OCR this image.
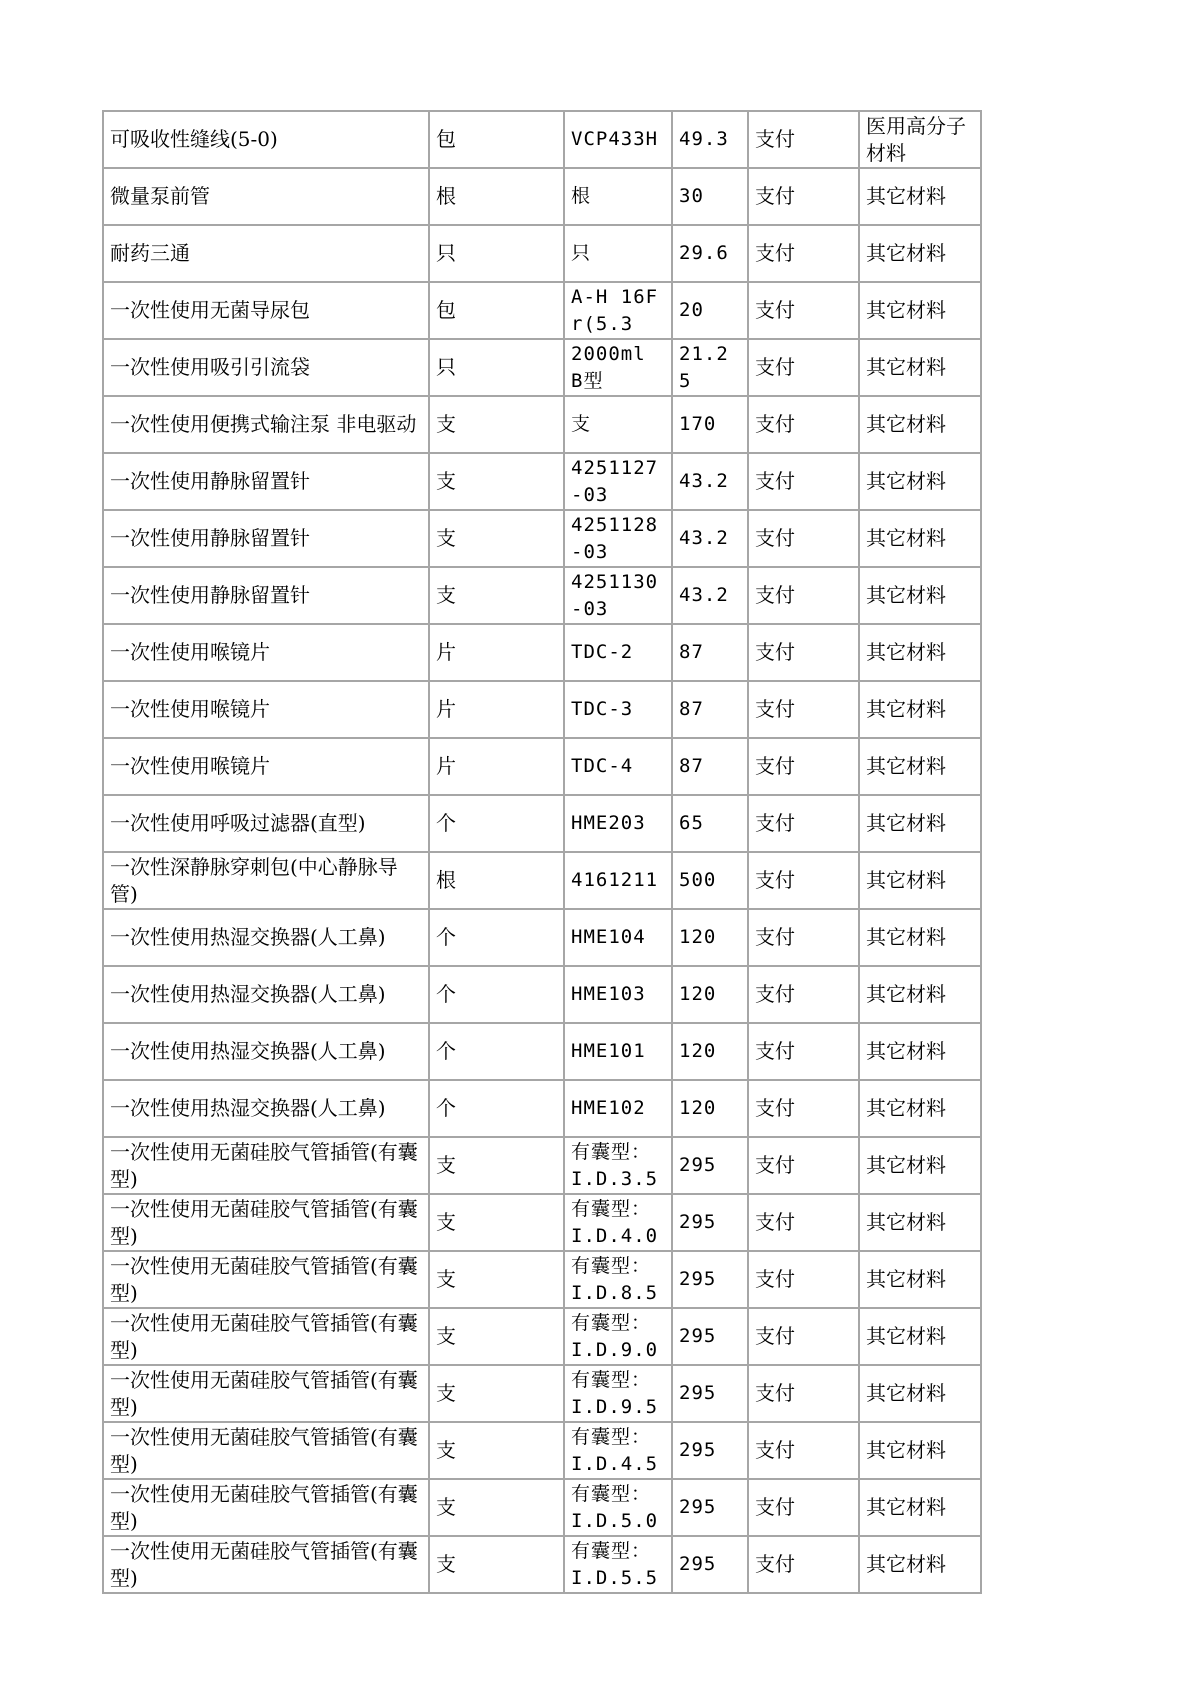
可吸收性缝线(5-0)	包	VCP433H	49.3	支付	医用高分子材料

微量泵前管	根	根	30	支付	其它材料

耐药三通	只	只	29.6	支付	其它材料

一次性使用无菌导尿包	包	A-H 16Fr(5.3	20	支付	其它材料

一次性使用吸引引流袋	只	2000ml B型	21.25	支付	其它材料

一次性使用便携式输注泵 非电驱动	支	支	170	支付	其它材料

一次性使用静脉留置针	支	4251127-03	43.2	支付	其它材料

一次性使用静脉留置针	支	4251128-03	43.2	支付	其它材料

一次性使用静脉留置针	支	4251130-03	43.2	支付	其它材料

一次性使用喉镜片	片	TDC-2	87	支付	其它材料

一次性使用喉镜片	片	TDC-3	87	支付	其它材料

一次性使用喉镜片	片	TDC-4	87	支付	其它材料

一次性使用呼吸过滤器(直型)	个	HME203	65	支付	其它材料

一次性深静脉穿刺包(中心静脉导管)	根	4161211	500	支付	其它材料

一次性使用热湿交换器(人工鼻)	个	HME104	120	支付	其它材料

一次性使用热湿交换器(人工鼻)	个	HME103	120	支付	其它材料

一次性使用热湿交换器(人工鼻)	个	HME101	120	支付	其它材料

一次性使用热湿交换器(人工鼻)	个	HME102	120	支付	其它材料

一次性使用无菌硅胶气管插管(有囊型)	支	有囊型：I.D.3.5	295	支付	其它材料

一次性使用无菌硅胶气管插管(有囊型)	支	有囊型：I.D.4.0	295	支付	其它材料

一次性使用无菌硅胶气管插管(有囊型)	支	有囊型：I.D.8.5	295	支付	其它材料

一次性使用无菌硅胶气管插管(有囊型)	支	有囊型：I.D.9.0	295	支付	其它材料

一次性使用无菌硅胶气管插管(有囊型)	支	有囊型：I.D.9.5	295	支付	其它材料

一次性使用无菌硅胶气管插管(有囊型)	支	有囊型：I.D.4.5	295	支付	其它材料

一次性使用无菌硅胶气管插管(有囊型)	支	有囊型：I.D.5.0	295	支付	其它材料

一次性使用无菌硅胶气管插管(有囊型)	支	有囊型：I.D.5.5	295	支付	其它材料
